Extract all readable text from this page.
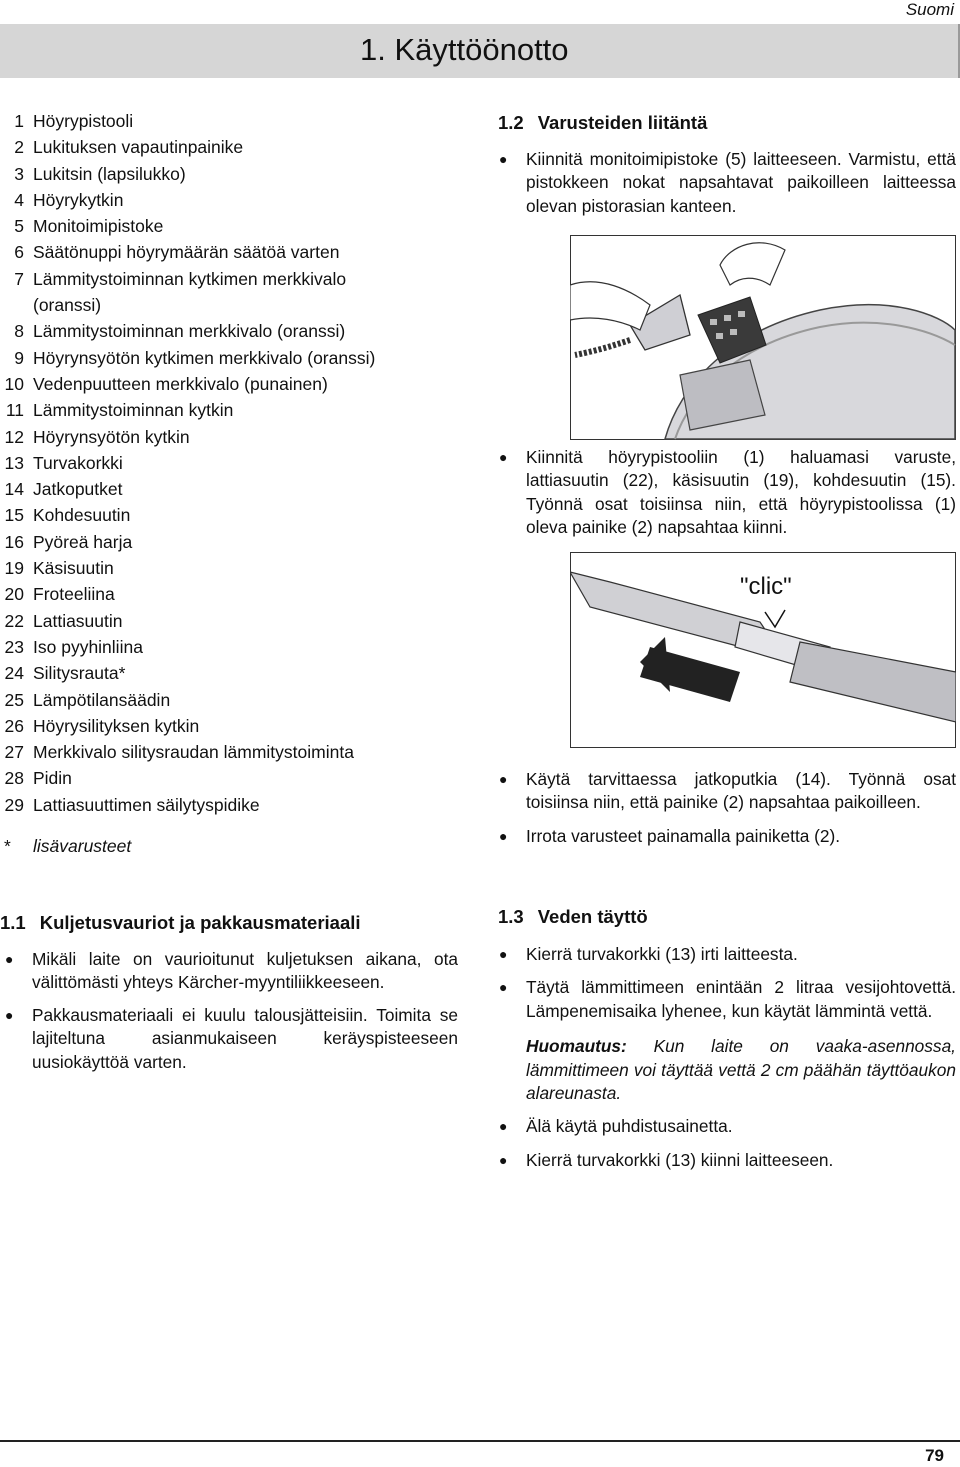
Suomi
1. Käyttöönotto
1 Höyrypistooli
2 Lukituksen vapautinpainike
3 Lukitsin (lapsilukko)
4 Höyrykytkin
5 Monitoimipistoke
6 Säätönuppi höyrymäärän säätöä varten
7 Lämmitystoiminnan kytkimen merkkivalo (oranssi)
8 Lämmitystoiminnan merkkivalo (oranssi)
9 Höyrynsyötön kytkimen merkkivalo (oranssi)
10 Vedenpuutteen merkkivalo (punainen)
11 Lämmitystoiminnan kytkin
12 Höyrynsyötön kytkin
13 Turvakorkki
14 Jatkoputket
15 Kohdesuutin
16 Pyöreä harja
19 Käsisuutin
20 Froteeliina
22 Lattiasuutin
23 Iso pyyhinliina
24 Silitysrauta*
25 Lämpötilansäädin
26 Höyrysilityksen kytkin
27 Merkkivalo silitysraudan lämmitystoiminta
28 Pidin
29 Lattiasuuttimen säilytyspidike
* lisävarusteet
1.1 Kuljetusvauriot ja pakkausmateriaali
● Mikäli laite on vaurioitunut kuljetuksen aikana, ota välittömästi yhteys Kärcher-myyntiliikkeeseen.
● Pakkausmateriaali ei kuulu talousjätteisiin. Toimita se lajiteltuna asianmukaiseen keräyspisteeseen uusiokäyttöä varten.
1.2 Varusteiden liitäntä
● Kiinnitä monitoimipistoke (5) laitteeseen. Varmistu, että pistokkeen nokat napsahtavat paikoilleen laitteessa olevan pistorasian kanteen.
● Kiinnitä höyrypistooliin (1) haluamasi varuste, lattiasuutin (22), käsisuutin (19), kohdesuutin (15). Työnnä osat toisiinsa niin, että höyrypistoolissa (1) oleva painike (2) napsahtaa kiinni.
"clic"
● Käytä tarvittaessa jatkoputkia (14). Työnnä osat toisiinsa niin, että painike (2) napsahtaa paikoilleen.
● Irrota varusteet painamalla painiketta (2).
1.3 Veden täyttö
● Kierrä turvakorkki (13) irti laitteesta.
● Täytä lämmittimeen enintään 2 litraa vesijohtovettä. Lämpenemisaika lyhenee, kun käytät lämmintä vettä.
Huomautus: Kun laite on vaaka-asennossa, lämmittimeen voi täyttää vettä 2 cm päähän täyttöaukon alareunasta.
● Älä käytä puhdistusainetta.
● Kierrä turvakorkki (13) kiinni laitteeseen.
79
